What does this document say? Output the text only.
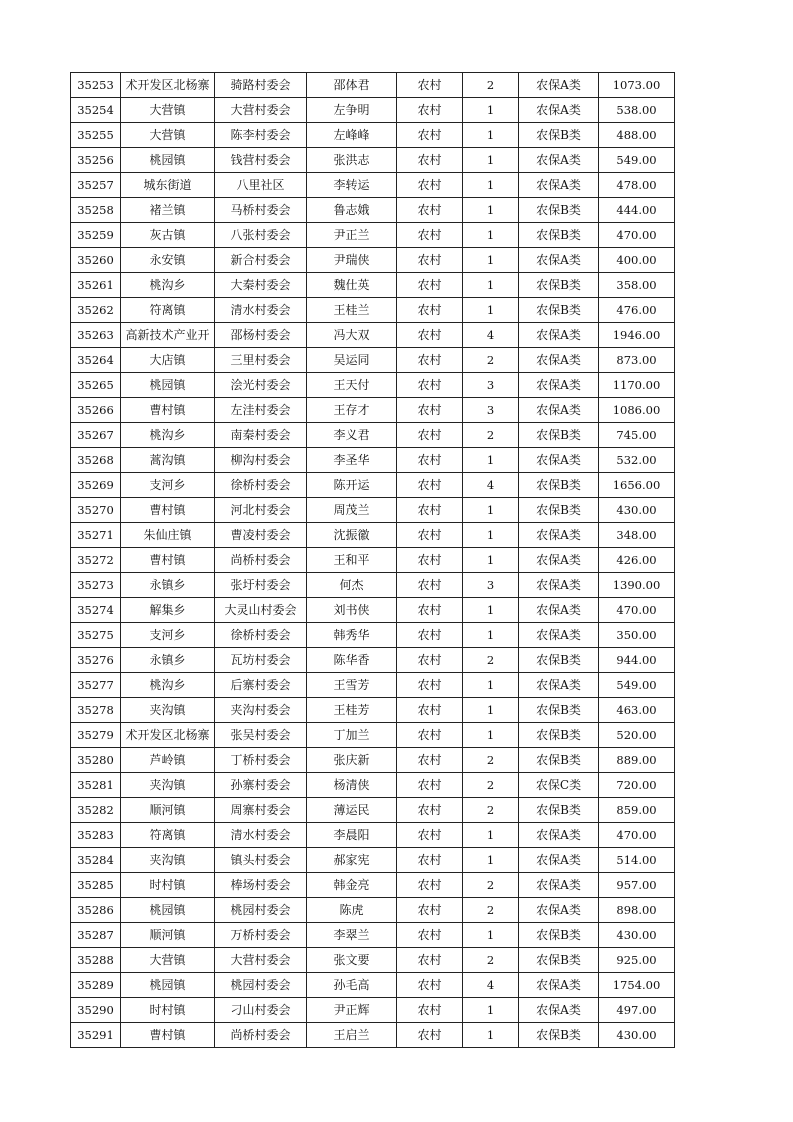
35253	术开发区北杨寨	骑路村委会	邵体君	农村	2	农保A类	1073.00
35254	大营镇	大营村委会	左争明	农村	1	农保A类	538.00
35255	大营镇	陈李村委会	左峰峰	农村	1	农保B类	488.00
35256	桃园镇	钱营村委会	张洪志	农村	1	农保A类	549.00
35257	城东街道	八里社区	李转运	农村	1	农保A类	478.00
35258	褚兰镇	马桥村委会	鲁志娥	农村	1	农保B类	444.00
35259	灰古镇	八张村委会	尹正兰	农村	1	农保B类	470.00
35260	永安镇	新合村委会	尹瑞侠	农村	1	农保A类	400.00
35261	桃沟乡	大秦村委会	魏仕英	农村	1	农保B类	358.00
35262	符离镇	清水村委会	王桂兰	农村	1	农保B类	476.00
35263	高新技术产业开	邵杨村委会	冯大双	农村	4	农保A类	1946.00
35264	大店镇	三里村委会	吴运同	农村	2	农保A类	873.00
35265	桃园镇	浍光村委会	王天付	农村	3	农保A类	1170.00
35266	曹村镇	左洼村委会	王存才	农村	3	农保A类	1086.00
35267	桃沟乡	南秦村委会	李义君	农村	2	农保B类	745.00
35268	蒿沟镇	柳沟村委会	李圣华	农村	1	农保A类	532.00
35269	支河乡	徐桥村委会	陈开运	农村	4	农保B类	1656.00
35270	曹村镇	河北村委会	周茂兰	农村	1	农保B类	430.00
35271	朱仙庄镇	曹凌村委会	沈振徽	农村	1	农保A类	348.00
35272	曹村镇	尚桥村委会	王和平	农村	1	农保A类	426.00
35273	永镇乡	张圩村委会	何杰	农村	3	农保A类	1390.00
35274	解集乡	大灵山村委会	刘书侠	农村	1	农保A类	470.00
35275	支河乡	徐桥村委会	韩秀华	农村	1	农保A类	350.00
35276	永镇乡	瓦坊村委会	陈华香	农村	2	农保B类	944.00
35277	桃沟乡	后寨村委会	王雪芳	农村	1	农保A类	549.00
35278	夹沟镇	夹沟村委会	王桂芳	农村	1	农保B类	463.00
35279	术开发区北杨寨	张吴村委会	丁加兰	农村	1	农保B类	520.00
35280	芦岭镇	丁桥村委会	张庆新	农村	2	农保B类	889.00
35281	夹沟镇	孙寨村委会	杨清侠	农村	2	农保C类	720.00
35282	顺河镇	周寨村委会	薄运民	农村	2	农保B类	859.00
35283	符离镇	清水村委会	李晨阳	农村	1	农保A类	470.00
35284	夹沟镇	镇头村委会	郝家宪	农村	1	农保A类	514.00
35285	时村镇	棒场村委会	韩金亮	农村	2	农保A类	957.00
35286	桃园镇	桃园村委会	陈虎	农村	2	农保A类	898.00
35287	顺河镇	万桥村委会	李翠兰	农村	1	农保B类	430.00
35288	大营镇	大营村委会	张文要	农村	2	农保B类	925.00
35289	桃园镇	桃园村委会	孙毛高	农村	4	农保A类	1754.00
35290	时村镇	刁山村委会	尹正辉	农村	1	农保A类	497.00
35291	曹村镇	尚桥村委会	王启兰	农村	1	农保B类	430.00
